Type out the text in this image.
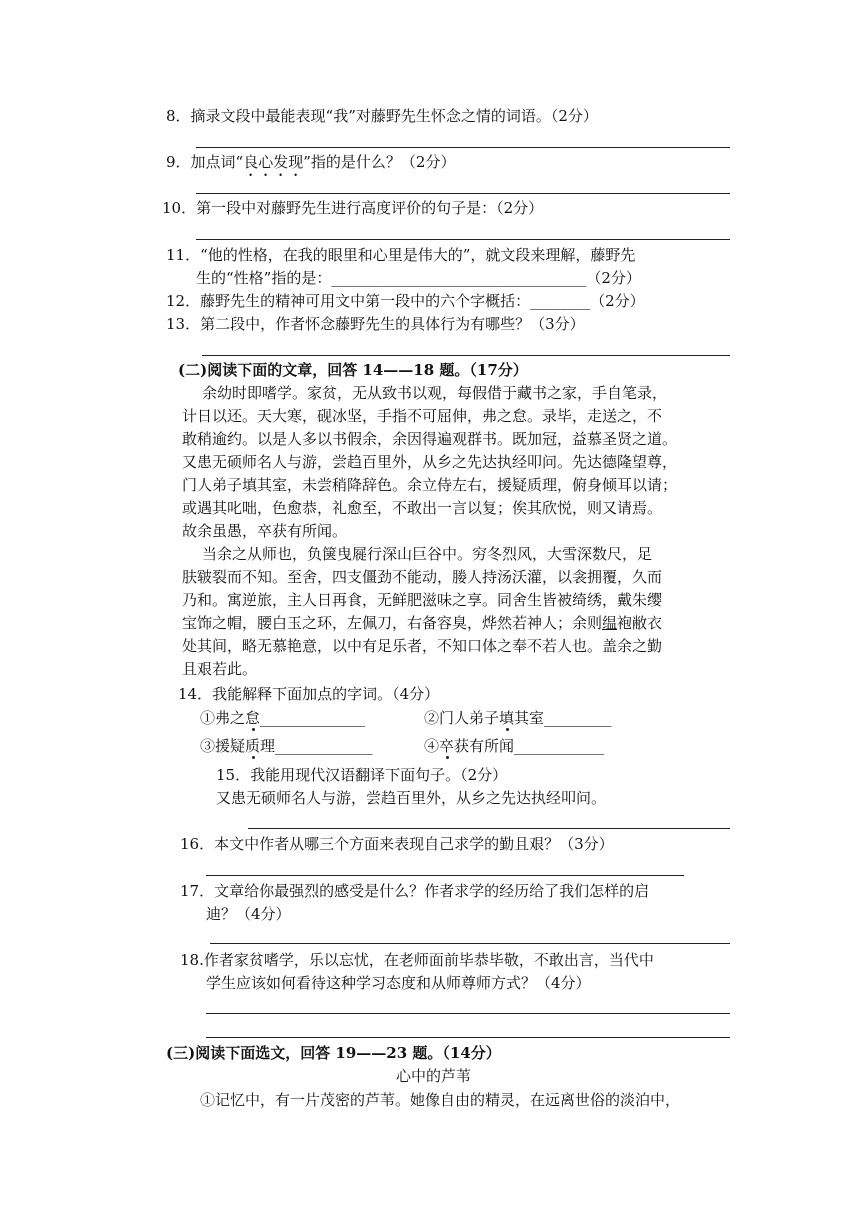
8．摘录文段中最能表现“我”对藤野先生怀念之情的词语。（2分）
9．加点词“良心发现”指的是什么？（2分）
10．第一段中对藤野先生进行高度评价的句子是：（2分）
11．“他的性格，在我的眼里和心里是伟大的”，就文段来理解，藤野先
生的“性格”指的是：__________________________________（2分）
12．藤野先生的精神可用文中第一段中的六个字概括：________（2分）
13．第二段中，作者怀念藤野先生的具体行为有哪些？（3分）
(二)阅读下面的文章，回答 14——18 题。（17分）
余幼时即嗜学。家贫，无从致书以观，每假借于藏书之家，手自笔录，
计日以还。天大寒，砚冰坚，手指不可屈伸，弗之怠。录毕，走送之，不
敢稍逾约。以是人多以书假余，余因得遍观群书。既加冠，益慕圣贤之道。
又患无硕师名人与游，尝趋百里外，从乡之先达执经叩问。先达德隆望尊，
门人弟子填其室，未尝稍降辞色。余立侍左右，援疑质理，俯身倾耳以请；
或遇其叱咄，色愈恭，礼愈至，不敢出一言以复；俟其欣悦，则又请焉。
故余虽愚，卒获有所闻。
当余之从师也，负箧曳屣行深山巨谷中。穷冬烈风，大雪深数尺，足
肤皲裂而不知。至舍，四支僵劲不能动，媵人持汤沃灌，以衾拥覆，久而
乃和。寓逆旅，主人日再食，无鲜肥滋味之享。同舍生皆被绮绣，戴朱缨
宝饰之帽，腰白玉之环，左佩刀，右备容臭，烨然若神人；余则缊袍敝衣
处其间，略无慕艳意，以中有足乐者，不知口体之奉不若人也。盖余之勤
且艰若此。
14．我能解释下面加点的字词。（4分）
①弗之怠______________	②门人弟子填其室_________
③援疑质理_____________	④卒获有所闻____________
15．我能用现代汉语翻译下面句子。（2分）
又患无硕师名人与游，尝趋百里外，从乡之先达执经叩问。
16．本文中作者从哪三个方面来表现自己求学的勤且艰？（3分）
17．文章给你最强烈的感受是什么？作者求学的经历给了我们怎样的启
迪？（4分）
18.作者家贫嗜学，乐以忘忧，在老师面前毕恭毕敬，不敢出言，当代中
学生应该如何看待这种学习态度和从师尊师方式？（4分）
(三)阅读下面选文，回答 19——23 题。（14分）
心中的芦苇
①记忆中，有一片茂密的芦苇。她像自由的精灵，在远离世俗的淡泊中，
